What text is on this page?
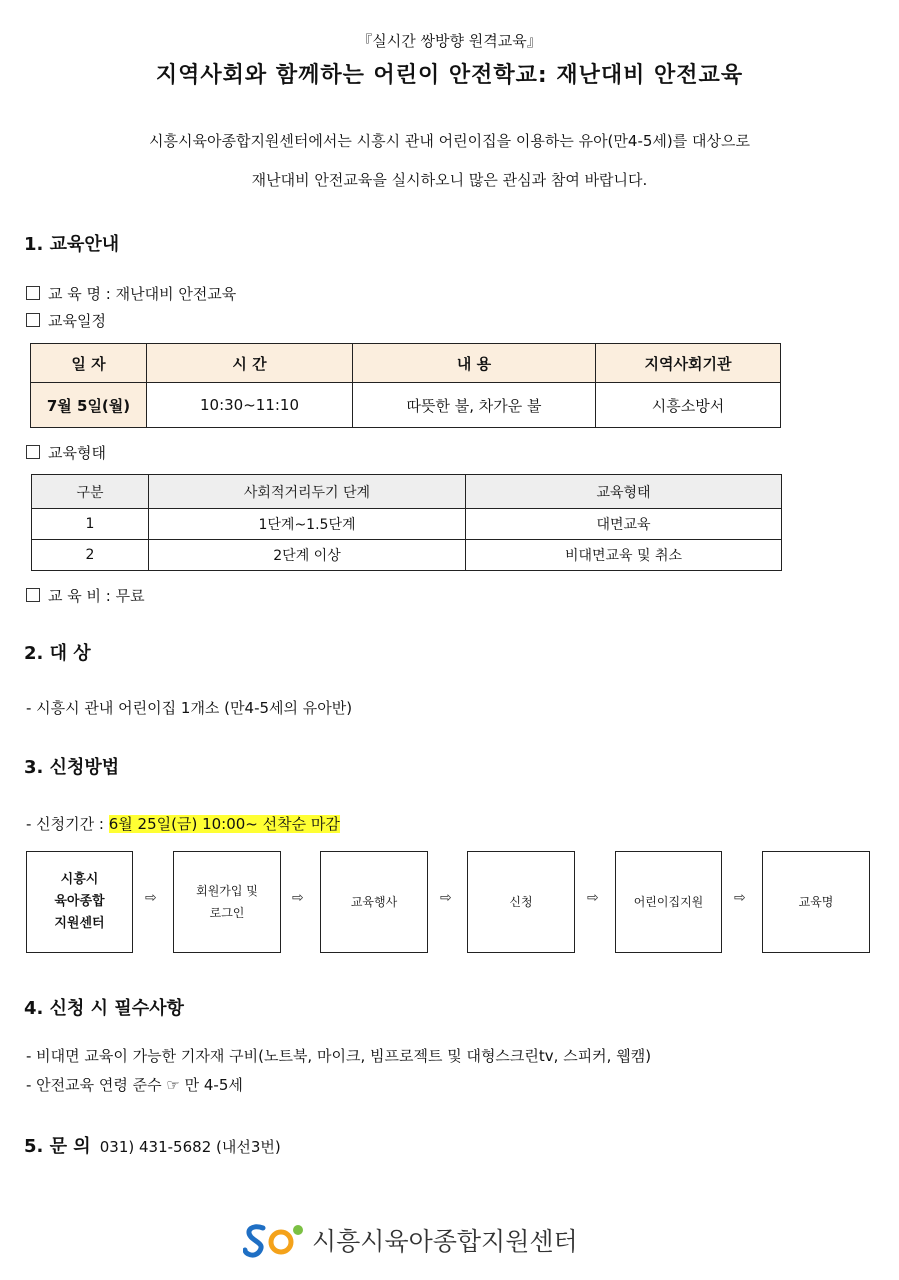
『실시간 쌍방향 원격교육』
지역사회와 함께하는 어린이 안전학교: 재난대비 안전교육
시흥시육아종합지원센터에서는 시흥시 관내 어린이집을 이용하는 유아(만4-5세)를 대상으로
재난대비 안전교육을 실시하오니 많은 관심과 참여 바랍니다.
1. 교육안내
교 육 명 : 재난대비 안전교육
교육일정
일 자	시 간	내 용	지역사회기관
7월 5일(월)	10:30~11:10	따뜻한 불, 차가운 불	시흥소방서
교육형태
구분	사회적거리두기 단계	교육형태
1	1단계~1.5단계	대면교육
2	2단계 이상	비대면교육 및 취소
교 육 비 : 무료
2. 대 상
- 시흥시 관내 어린이집 1개소 (만4-5세의 유아반)
3. 신청방법
- 신청기간 : 6월 25일(금) 10:00~ 선착순 마감
시흥시
육아종합
지원센터
⇨	회원가입 및
로그인
⇨	교육행사	⇨	신청	⇨	어린이집지원	⇨	교육명
4. 신청 시 필수사항
- 비대면 교육이 가능한 기자재 구비(노트북, 마이크, 빔프로젝트 및 대형스크린tv, 스피커, 웹캠)
- 안전교육 연령 준수 ☞ 만 4-5세
5. 문 의 031) 431-5682 (내선3번)
시흥시육아종합지원센터
